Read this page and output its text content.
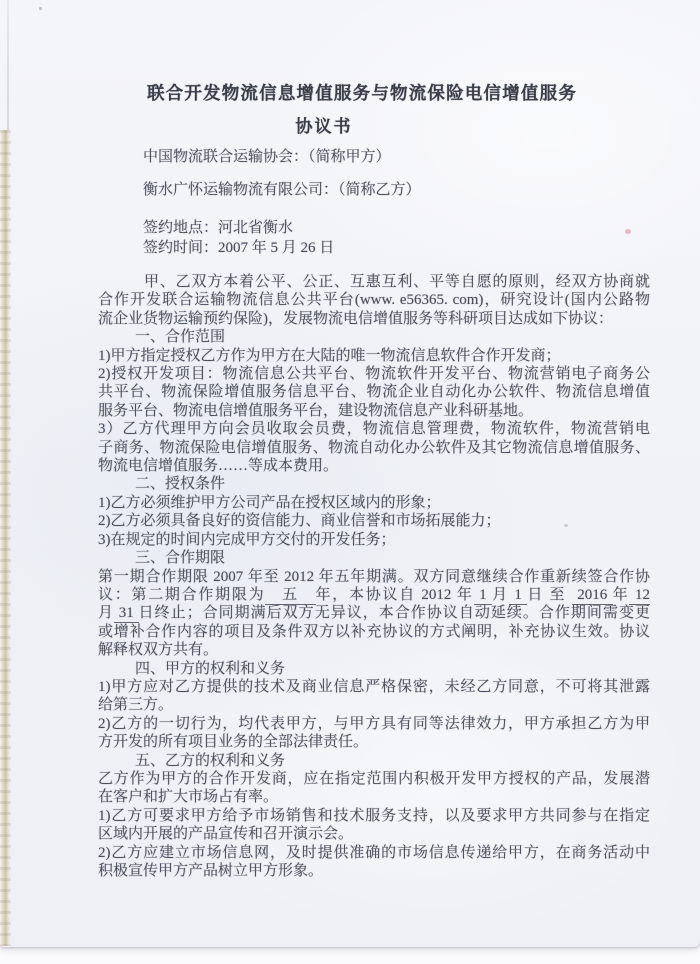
联合开发物流信息增值服务与物流保险电信增值服务
协议书
中国物流联合运输协会：（简称甲方）
衡水广怀运输物流有限公司：（简称乙方）
签约地点：河北省衡水
签约时间：2007 年 5 月 26 日
甲、乙双方本着公平、公正、互惠互利、平等自愿的原则，经双方协商就
合作开发联合运输物流信息公共平台(www. e56365. com)，研究设计(国内公路物
流企业货物运输预约保险)，发展物流电信增值服务等科研项目达成如下协议：
一、合作范围
1)甲方指定授权乙方作为甲方在大陆的唯一物流信息软件合作开发商；
2)授权开发项目：物流信息公共平台、物流软件开发平台、物流营销电子商务公
共平台、物流保险增值服务信息平台、物流企业自动化办公软件、物流信息增值
服务平台、物流电信增值服务平台，建设物流信息产业科研基地。
3）乙方代理甲方向会员收取会员费，物流信息管理费，物流软件，物流营销电
子商务、物流保险电信增值服务、物流自动化办公软件及其它物流信息增值服务、
物流电信增值服务……等成本费用。
二、授权条件
1)乙方必须维护甲方公司产品在授权区域内的形象；
2)乙方必须具备良好的资信能力、商业信誉和市场拓展能力；
3)在规定的时间内完成甲方交付的开发任务；
三、合作期限
第一期合作期限 2007 年至 2012 年五年期满。双方同意继续合作重新续签合作协
议：第二期合作期限为　五　年，本协议自 2012 年 1 月 1 日 至  2016 年 12
月 31 日终止；合同期满后双方无异议，本合作协议自动延续。合作期间需变更
或增补合作内容的项目及条件双方以补充协议的方式阐明，补充协议生效。协议
解释权双方共有。
四、甲方的权利和义务
1)甲方应对乙方提供的技术及商业信息严格保密，未经乙方同意，不可将其泄露
给第三方。
2)乙方的一切行为，均代表甲方，与甲方具有同等法律效力，甲方承担乙方为甲
方开发的所有项目业务的全部法律责任。
五、乙方的权利和义务
乙方作为甲方的合作开发商，应在指定范围内积极开发甲方授权的产品，发展潜
在客户和扩大市场占有率。
1)乙方可要求甲方给予市场销售和技术服务支持，以及要求甲方共同参与在指定
区域内开展的产品宣传和召开演示会。
2)乙方应建立市场信息网，及时提供准确的市场信息传递给甲方，在商务活动中
积极宣传甲方产品树立甲方形象。
